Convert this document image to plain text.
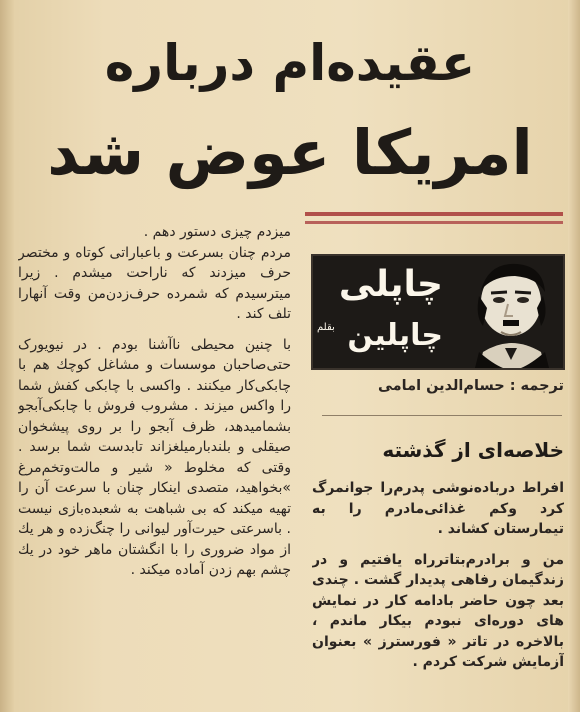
عقیده‌ام درباره
امریکا عوض شد

میزدم چیزی دستور دهم .

مردم چنان بسرعت و باعباراتی کوتاه و مختصر حرف میزدند که ناراحت میشدم . زیرا میترسیدم که شمرده حرف‌زدن‌من وقت آنهارا تلف کند .

با چنین محیطی ناآشنا بودم . در نیویورک حتی‌صاحبان موسسات و مشاغل کوچك هم با چابکی‌کار میکنند . واکسی با چابکی کفش شما را واکس میزند . مشروب فروش با چابکی‌آبجو بشمامیدهد، ظرف آبجو را بر روی پیشخوان صیقلی و بلندبارمیلغزاند تابدست شما برسد . وقتی که مخلوط « شیر و مالت‌وتخم‌مرغ »بخواهید، متصدی اینکار چنان با سرعت آن را تهیه میکند که بی شباهت به شعبده‌بازی نیست . باسرعتی حیرت‌آور لیوانی را چنگ‌زده و هر یك از مواد ضروری را با انگشتان ماهر خود در یك چشم بهم زدن آماده میکند .

چاپلی
چاپلین
بقلم
ترجمه : حسام‌الدین امامی
خلاصه‌ای از گذشته

افراط درباده‌نوشی پدرم‌را جوانمرگ کرد وکم غذائی‌مادرم را به تیمارستان کشاند .

من و برادرم‌بتاتر‌راه یافتیم و در زندگیمان رفاهی پدیدار گشت . چندی بعد چون حاضر بادامه کار در نمایش های دوره‌ای نبودم بیکار ماندم ، بالاخره در تاتر « فورسترز » بعنوان آزمایش شرکت کردم .
